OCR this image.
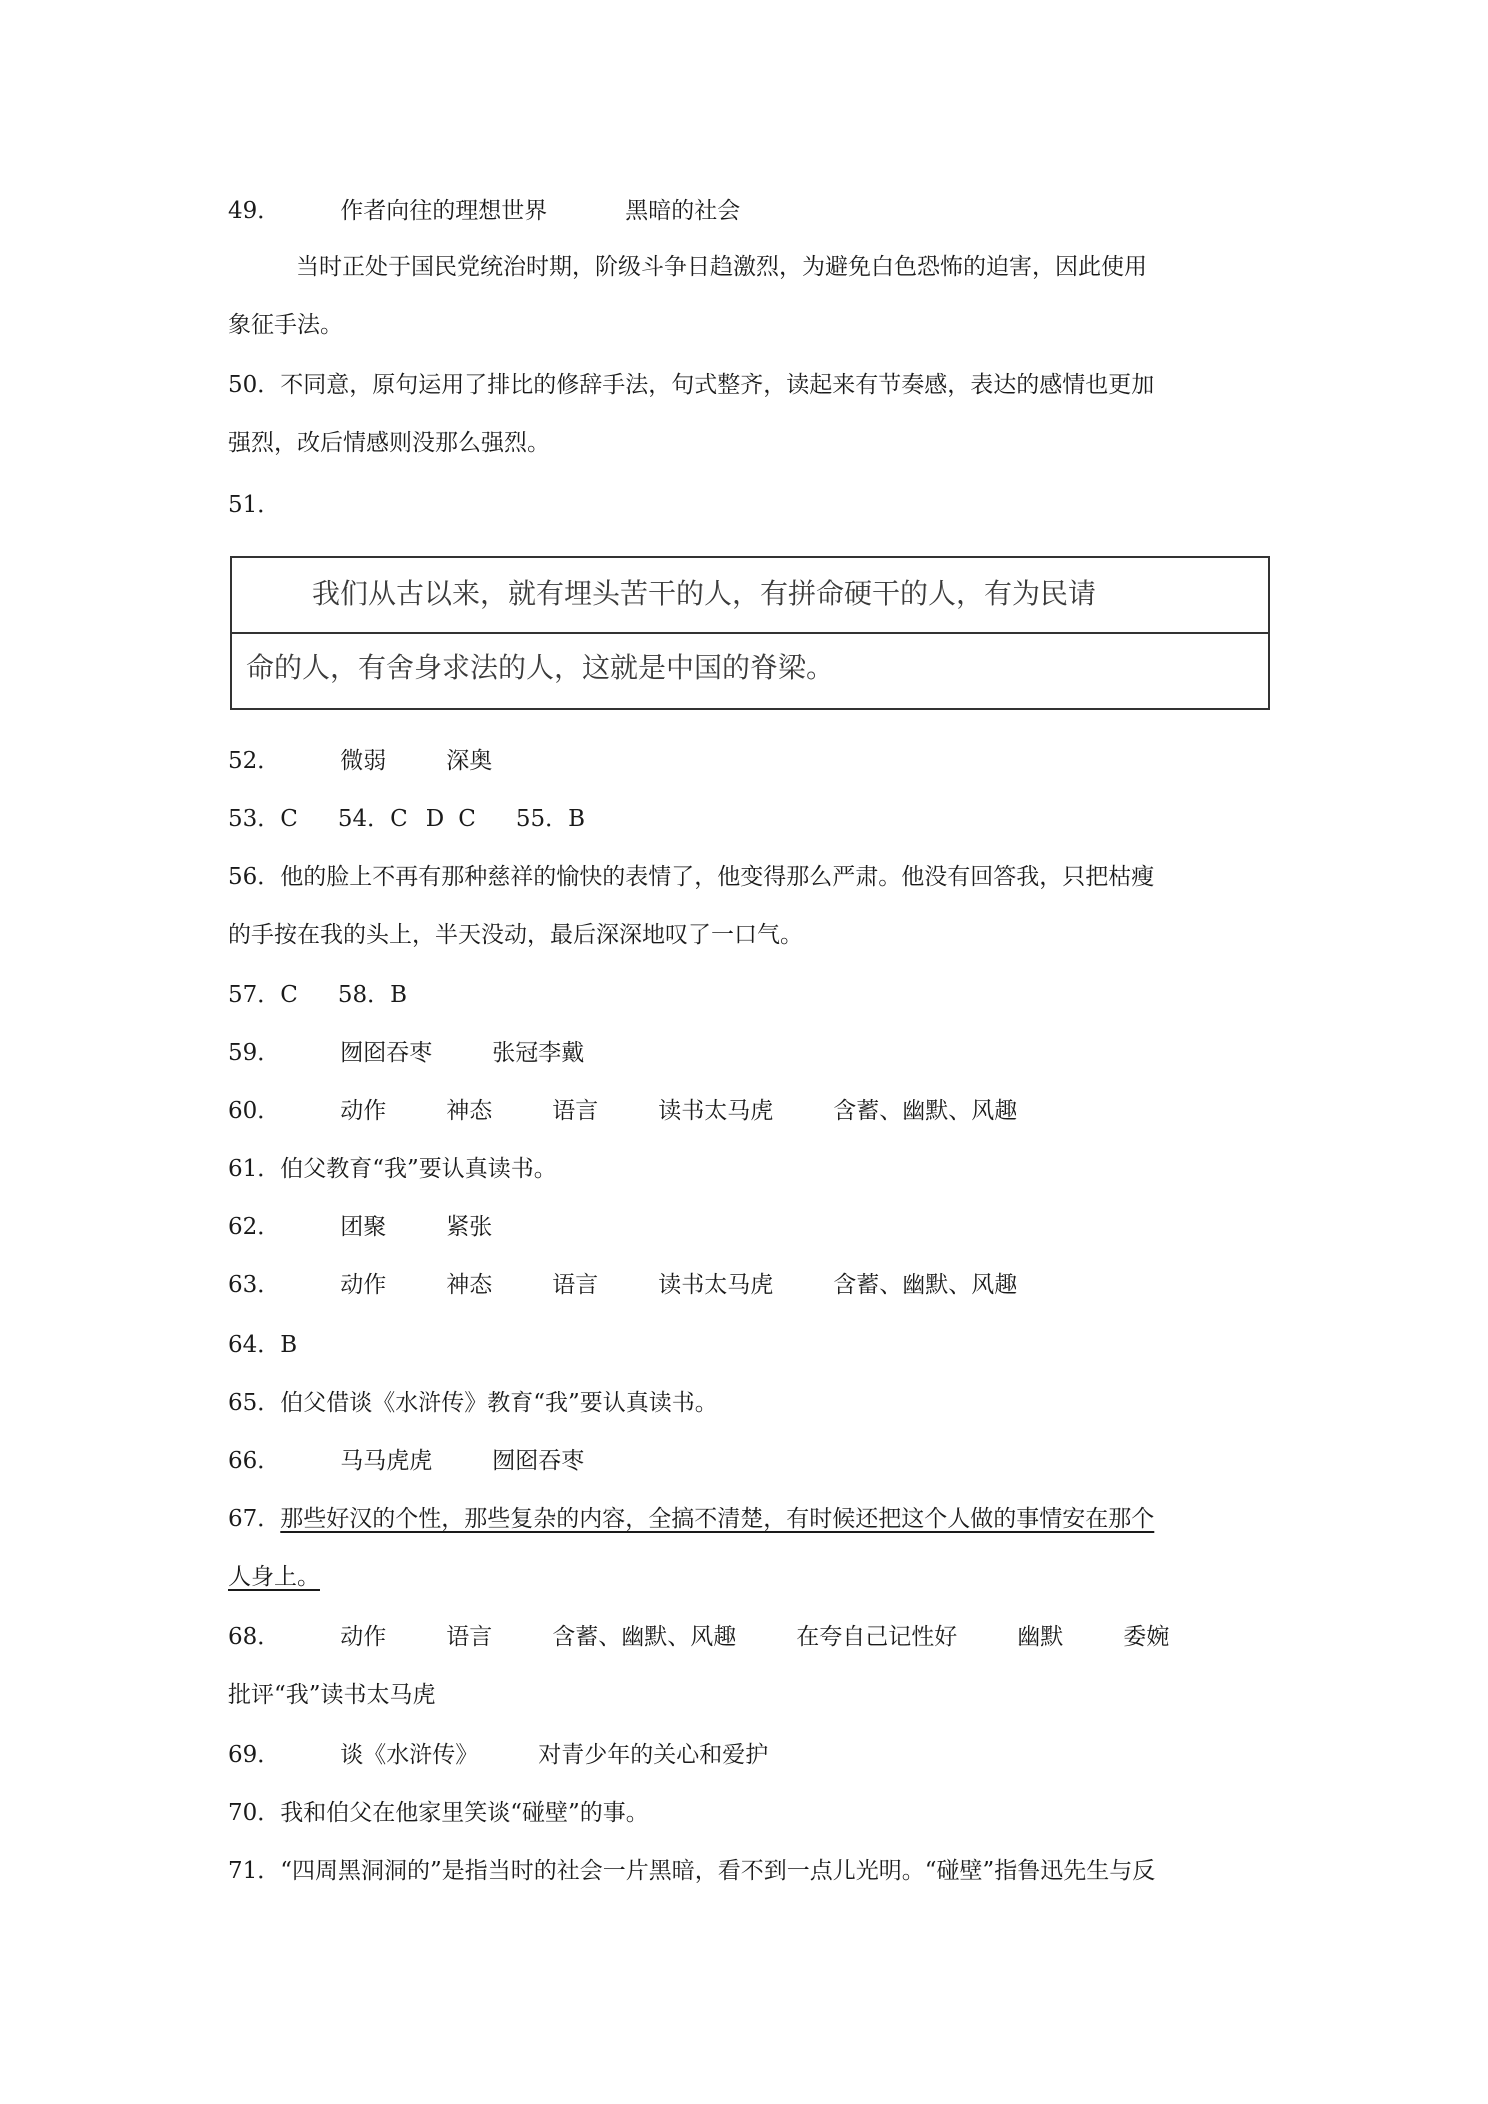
49．	作者向往的理想世界	黑暗的社会
当时正处于国民党统治时期，阶级斗争日趋激烈，为避免白色恐怖的迫害，因此使用
象征手法。
50．不同意，原句运用了排比的修辞手法，句式整齐，读起来有节奏感，表达的感情也更加
强烈，改后情感则没那么强烈。
51．
我们从古以来，就有埋头苦干的人，有拼命硬干的人，有为民请
命的人，有舍身求法的人，这就是中国的脊梁。
52．	微弱	深奥
53．C 54．C D C 55．B
56．他的脸上不再有那种慈祥的愉快的表情了，他变得那么严肃。他没有回答我，只把枯瘦
的手按在我的头上，半天没动，最后深深地叹了一口气。
57．C 58．B
59．	囫囵吞枣	张冠李戴
60．	动作	神态	语言	读书太马虎	含蓄、幽默、风趣
61．伯父教育“我”要认真读书。
62．	团聚	紧张
63．	动作	神态	语言	读书太马虎	含蓄、幽默、风趣
64．B
65．伯父借谈《水浒传》教育“我”要认真读书。
66．	马马虎虎	囫囵吞枣
67．那些好汉的个性，那些复杂的内容，全搞不清楚，有时候还把这个人做的事情安在那个
人身上。
68．	动作	语言	含蓄、幽默、风趣	在夸自己记性好	幽默	委婉
批评“我”读书太马虎
69．	谈《水浒传》	对青少年的关心和爱护
70．我和伯父在他家里笑谈“碰壁”的事。
71．“四周黑洞洞的”是指当时的社会一片黑暗，看不到一点儿光明。“碰壁”指鲁迅先生与反
